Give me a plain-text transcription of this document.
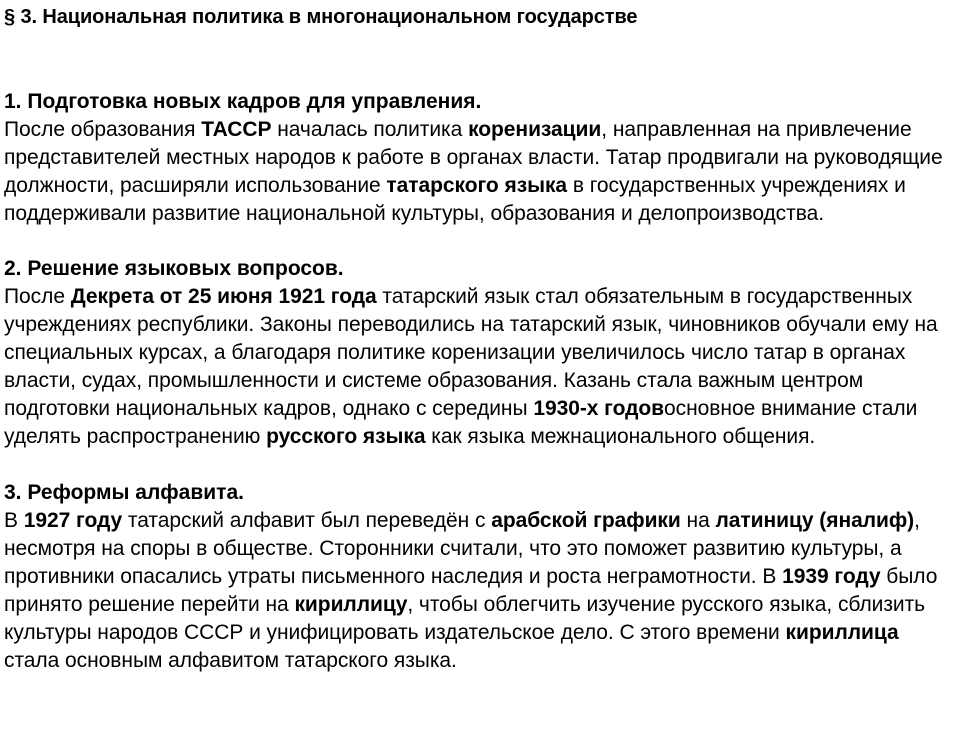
§ 3. Национальная политика в многонациональном государстве

1. Подготовка новых кадров для управления.

После образования ТАССР началась политика коренизации, направленная на привлечение представителей местных народов к работе в органах власти. Татар продвигали на руководящие должности, расширяли использование татарского языка в государственных учреждениях и поддерживали развитие национальной культуры, образования и делопроизводства.

2. Решение языковых вопросов.

После Декрета от 25 июня 1921 года татарский язык стал обязательным в государственных учреждениях республики. Законы переводились на татарский язык, чиновников обучали ему на специальных курсах, а благодаря политике коренизации увеличилось число татар в органах власти, судах, промышленности и системе образования. Казань стала важным центром подготовки национальных кадров, однако с середины 1930-х годовосновное внимание стали уделять распространению русского языка как языка межнационального общения.

3. Реформы алфавита.

В 1927 году татарский алфавит был переведён с арабской графики на латиницу (яналиф), несмотря на споры в обществе. Сторонники считали, что это поможет развитию культуры, а противники опасались утраты письменного наследия и роста неграмотности. В 1939 году было принято решение перейти на кириллицу, чтобы облегчить изучение русского языка, сблизить культуры народов СССР и унифицировать издательское дело. С этого времени кириллица стала основным алфавитом татарского языка.
